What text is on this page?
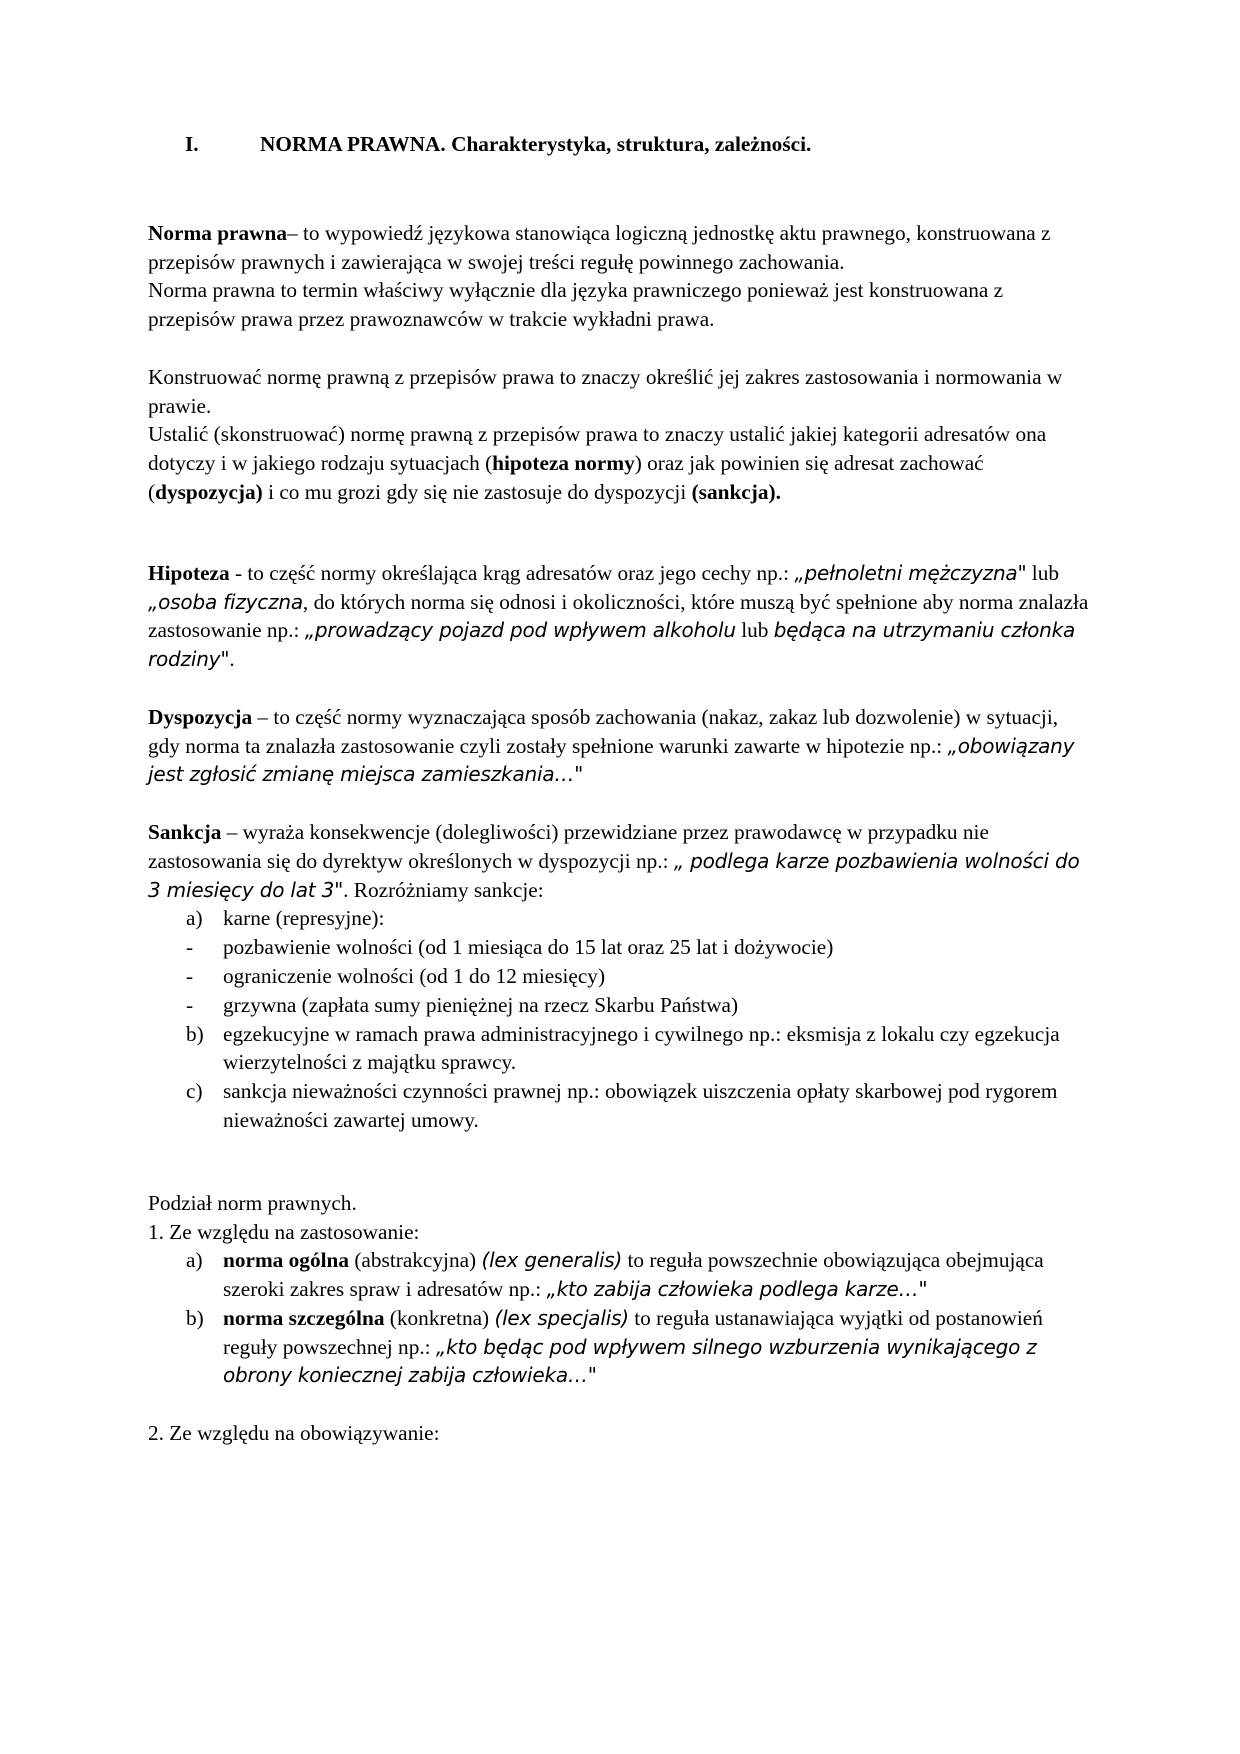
I.	NORMA PRAWNA. Charakterystyka, struktura, zależności.

Norma prawna– to wypowiedź językowa stanowiąca logiczną jednostkę aktu prawnego, konstruowana z przepisów prawnych i zawierająca w swojej treści regułę powinnego zachowania.

Norma prawna to termin właściwy wyłącznie dla języka prawniczego ponieważ jest konstruowana z przepisów prawa przez prawoznawców w trakcie wykładni prawa.

Konstruować normę prawną z przepisów prawa to znaczy określić jej zakres zastosowania i normowania w prawie.

Ustalić (skonstruować) normę prawną z przepisów prawa to znaczy ustalić jakiej kategorii adresatów ona dotyczy i w jakiego rodzaju sytuacjach (hipoteza normy) oraz jak powinien się adresat zachować (dyspozycja) i co mu grozi gdy się nie zastosuje do dyspozycji (sankcja).

Hipoteza - to część normy określająca krąg adresatów oraz jego cechy np.: „pełnoletni mężczyzna" lub „osoba fizyczna, do których norma się odnosi i okoliczności, które muszą być spełnione aby norma znalazła zastosowanie np.: „prowadzący pojazd pod wpływem alkoholu lub będąca na utrzymaniu członka rodziny".

Dyspozycja – to część normy wyznaczająca sposób zachowania (nakaz, zakaz lub dozwolenie) w sytuacji, gdy norma ta znalazła zastosowanie czyli zostały spełnione warunki zawarte w hipotezie np.: „obowiązany jest zgłosić zmianę miejsca zamieszkania…"

Sankcja – wyraża konsekwencje (dolegliwości) przewidziane przez prawodawcę w przypadku nie zastosowania się do dyrektyw określonych w dyspozycji np.: „ podlega karze pozbawienia wolności do 3 miesięcy do lat 3". Rozróżniamy sankcje:

a) karne (represyjne):
- pozbawienie wolności (od 1 miesiąca do 15 lat oraz 25 lat i dożywocie)
- ograniczenie wolności (od 1 do 12 miesięcy)
- grzywna (zapłata sumy pieniężnej na rzecz Skarbu Państwa)
b) egzekucyjne w ramach prawa administracyjnego i cywilnego np.: eksmisja z lokalu czy egzekucja wierzytelności z majątku sprawcy.
c) sankcja nieważności czynności prawnej np.: obowiązek uiszczenia opłaty skarbowej pod rygorem nieważności zawartej umowy.

Podział norm prawnych.

1. Ze względu na zastosowanie:

a) norma ogólna (abstrakcyjna) (lex generalis) to reguła powszechnie obowiązująca obejmująca szeroki zakres spraw i adresatów np.: „kto zabija człowieka podlega karze…"
b) norma szczególna (konkretna) (lex specjalis) to reguła ustanawiająca wyjątki od postanowień reguły powszechnej np.: „kto będąc pod wpływem silnego wzburzenia wynikającego z obrony koniecznej zabija człowieka…"

2. Ze względu na obowiązywanie:
